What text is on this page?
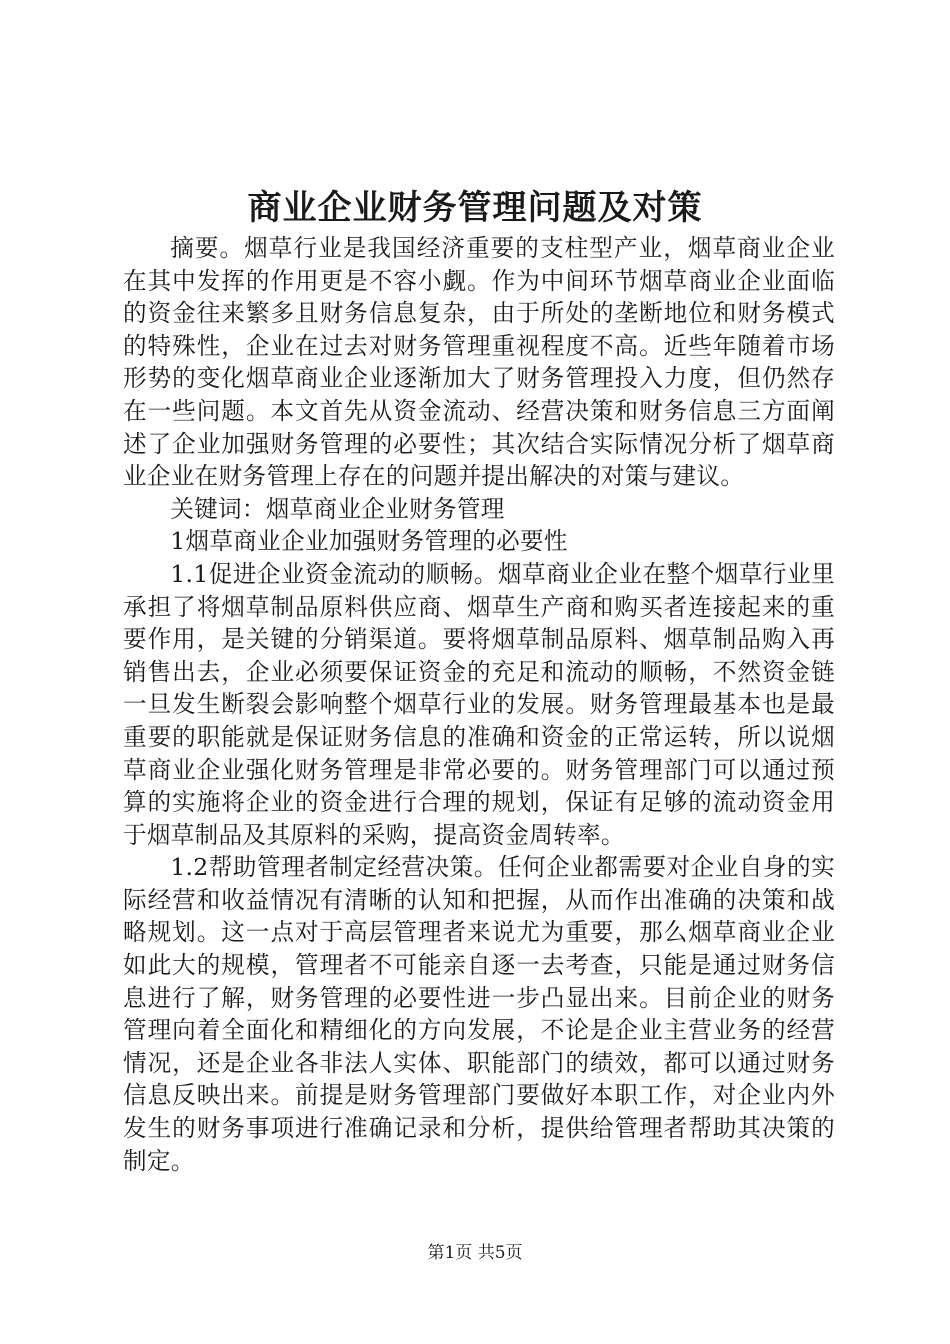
商业企业财务管理问题及对策

摘要。烟草行业是我国经济重要的支柱型产业，烟草商业企业在其中发挥的作用更是不容小觑。作为中间环节烟草商业企业面临的资金往来繁多且财务信息复杂，由于所处的垄断地位和财务模式的特殊性，企业在过去对财务管理重视程度不高。近些年随着市场形势的变化烟草商业企业逐渐加大了财务管理投入力度，但仍然存在一些问题。本文首先从资金流动、经营决策和财务信息三方面阐述了企业加强财务管理的必要性；其次结合实际情况分析了烟草商业企业在财务管理上存在的问题并提出解决的对策与建议。

关键词：烟草商业企业财务管理

1烟草商业企业加强财务管理的必要性

1.1促进企业资金流动的顺畅。烟草商业企业在整个烟草行业里承担了将烟草制品原料供应商、烟草生产商和购买者连接起来的重要作用，是关键的分销渠道。要将烟草制品原料、烟草制品购入再销售出去，企业必须要保证资金的充足和流动的顺畅，不然资金链一旦发生断裂会影响整个烟草行业的发展。财务管理最基本也是最重要的职能就是保证财务信息的准确和资金的正常运转，所以说烟草商业企业强化财务管理是非常必要的。财务管理部门可以通过预算的实施将企业的资金进行合理的规划，保证有足够的流动资金用于烟草制品及其原料的采购，提高资金周转率。

1.2帮助管理者制定经营决策。任何企业都需要对企业自身的实际经营和收益情况有清晰的认知和把握，从而作出准确的决策和战略规划。这一点对于高层管理者来说尤为重要，那么烟草商业企业如此大的规模，管理者不可能亲自逐一去考查，只能是通过财务信息进行了解，财务管理的必要性进一步凸显出来。目前企业的财务管理向着全面化和精细化的方向发展，不论是企业主营业务的经营情况，还是企业各非法人实体、职能部门的绩效，都可以通过财务信息反映出来。前提是财务管理部门要做好本职工作，对企业内外发生的财务事项进行准确记录和分析，提供给管理者帮助其决策的制定。

第1页 共5页
